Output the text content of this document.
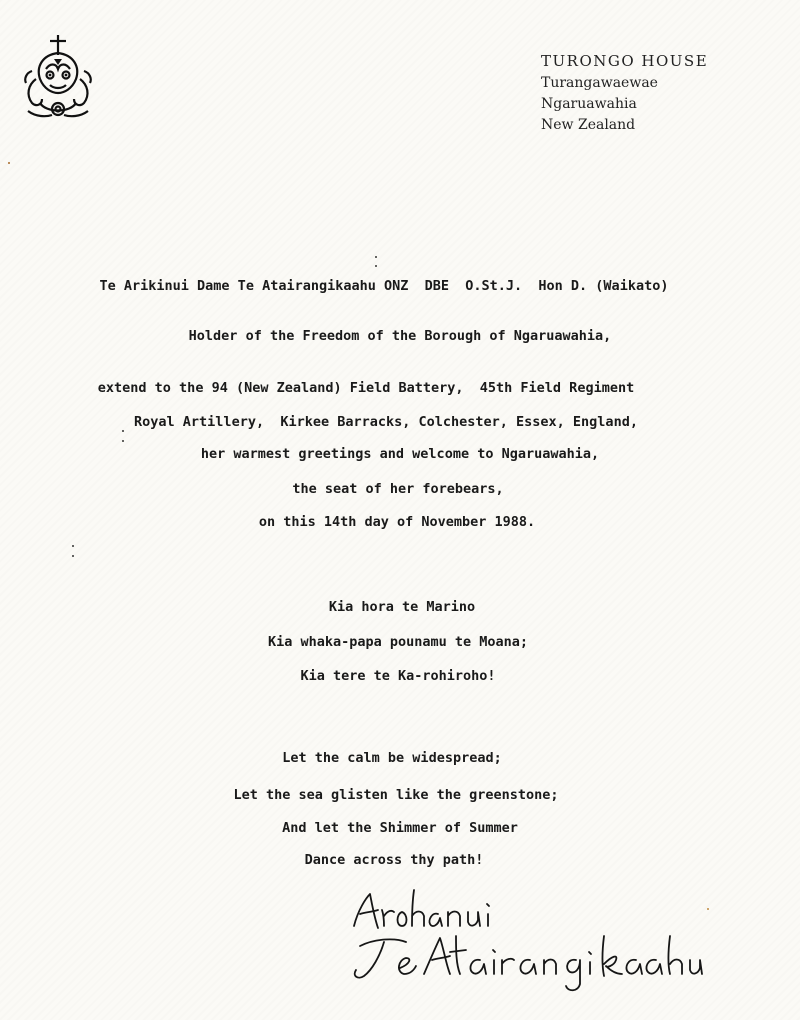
TURONGO HOUSE
Turangawaewae
Ngaruawahia
New Zealand
Te Arikinui Dame Te Atairangikaahu ONZ  DBE  O.St.J.  Hon D. (Waikato)
Holder of the Freedom of the Borough of Ngaruawahia,
extend to the 94 (New Zealand) Field Battery,  45th Field Regiment
Royal Artillery,  Kirkee Barracks, Colchester, Essex, England,
her warmest greetings and welcome to Ngaruawahia,
the seat of her forebears,
on this 14th day of November 1988.
Kia hora te Marino
Kia whaka-papa pounamu te Moana;
Kia tere te Ka-rohiroho!
Let the calm be widespread;
Let the sea glisten like the greenstone;
And let the Shimmer of Summer
Dance across thy path!
